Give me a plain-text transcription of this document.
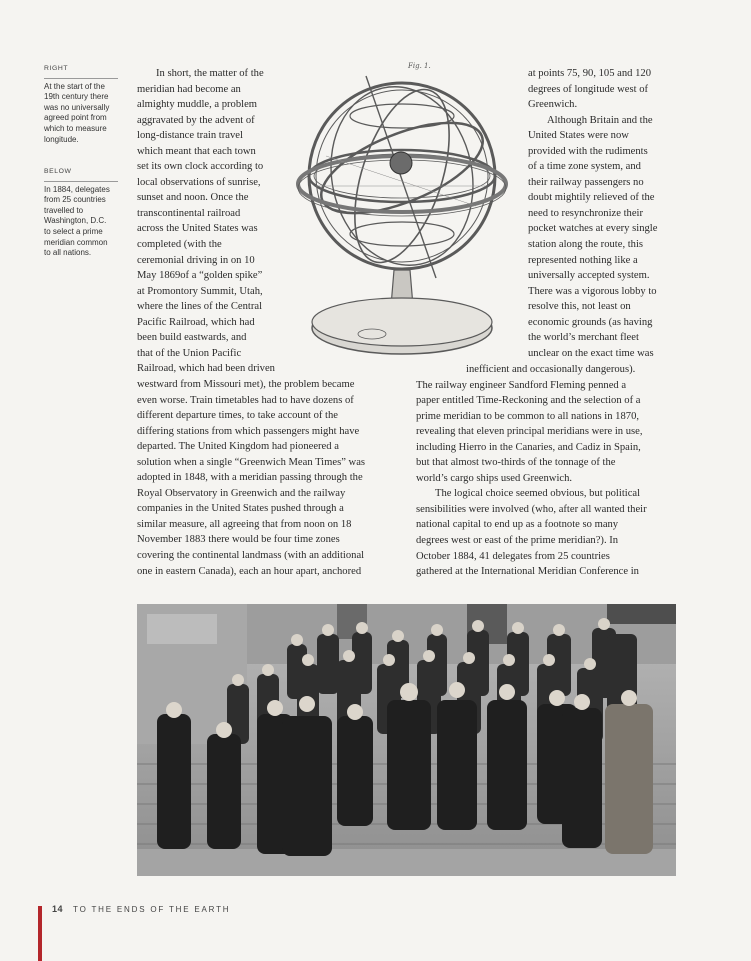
RIGHT
At the start of the
19th century there
was no universally
agreed point from
which to measure
longitude.
BELOW
In 1884, delegates
from 25 countries
travelled to
Washington, D.C.
to select a prime
meridian common
to all nations.
In short, the matter of the
meridian had become an
almighty muddle, a problem
aggravated by the advent of
long-distance train travel
which meant that each town
set its own clock according to
local observations of sunrise,
sunset and noon. Once the
transcontinental railroad
across the United States was
completed (with the
ceremonial driving in on 10
May 1869of a “golden spike”
at Promontory Summit, Utah,
where the lines of the Central
Pacific Railroad, which had
been build eastwards, and
that of the Union Pacific
Railroad, which had been driven
westward from Missouri met), the problem became
even worse. Train timetables had to have dozens of
different departure times, to take account of the
differing stations from which passengers might have
departed. The United Kingdom had pioneered a
solution when a single “Greenwich Mean Times” was
adopted in 1848, with a meridian passing through the
Royal Observatory in Greenwich and the railway
companies in the United States pushed through a
similar measure, all agreeing that from noon on 18
November 1883 there would be four time zones
covering the continental landmass (with an additional
one in eastern Canada), each an hour apart, anchored
at points 75, 90, 105 and 120
degrees of longitude west of
Greenwich.
Although Britain and the
United States were now
provided with the rudiments
of a time zone system, and
their railway passengers no
doubt mightily relieved of the
need to resynchronize their
pocket watches at every single
station along the route, this
represented nothing like a
universally accepted system.
There was a vigorous lobby to
resolve this, not least on
economic grounds (as having
the world’s merchant fleet
unclear on the exact time was
inefficient and occasionally dangerous).
The railway engineer Sandford Fleming penned a
paper entitled Time-Reckoning and the selection of a
prime meridian to be common to all nations in 1870,
revealing that eleven principal meridians were in use,
including Hierro in the Canaries, and Cadiz in Spain,
but that almost two-thirds of the tonnage of the
world’s cargo ships used Greenwich.
The logical choice seemed obvious, but political
sensibilities were involved (who, after all wanted their
national capital to end up as a footnote so many
degrees west or east of the prime meridian?). In
October 1884, 41 delegates from 25 countries
gathered at the International Meridian Conference in
Fig. 1.
14 TO THE ENDS OF THE EARTH
